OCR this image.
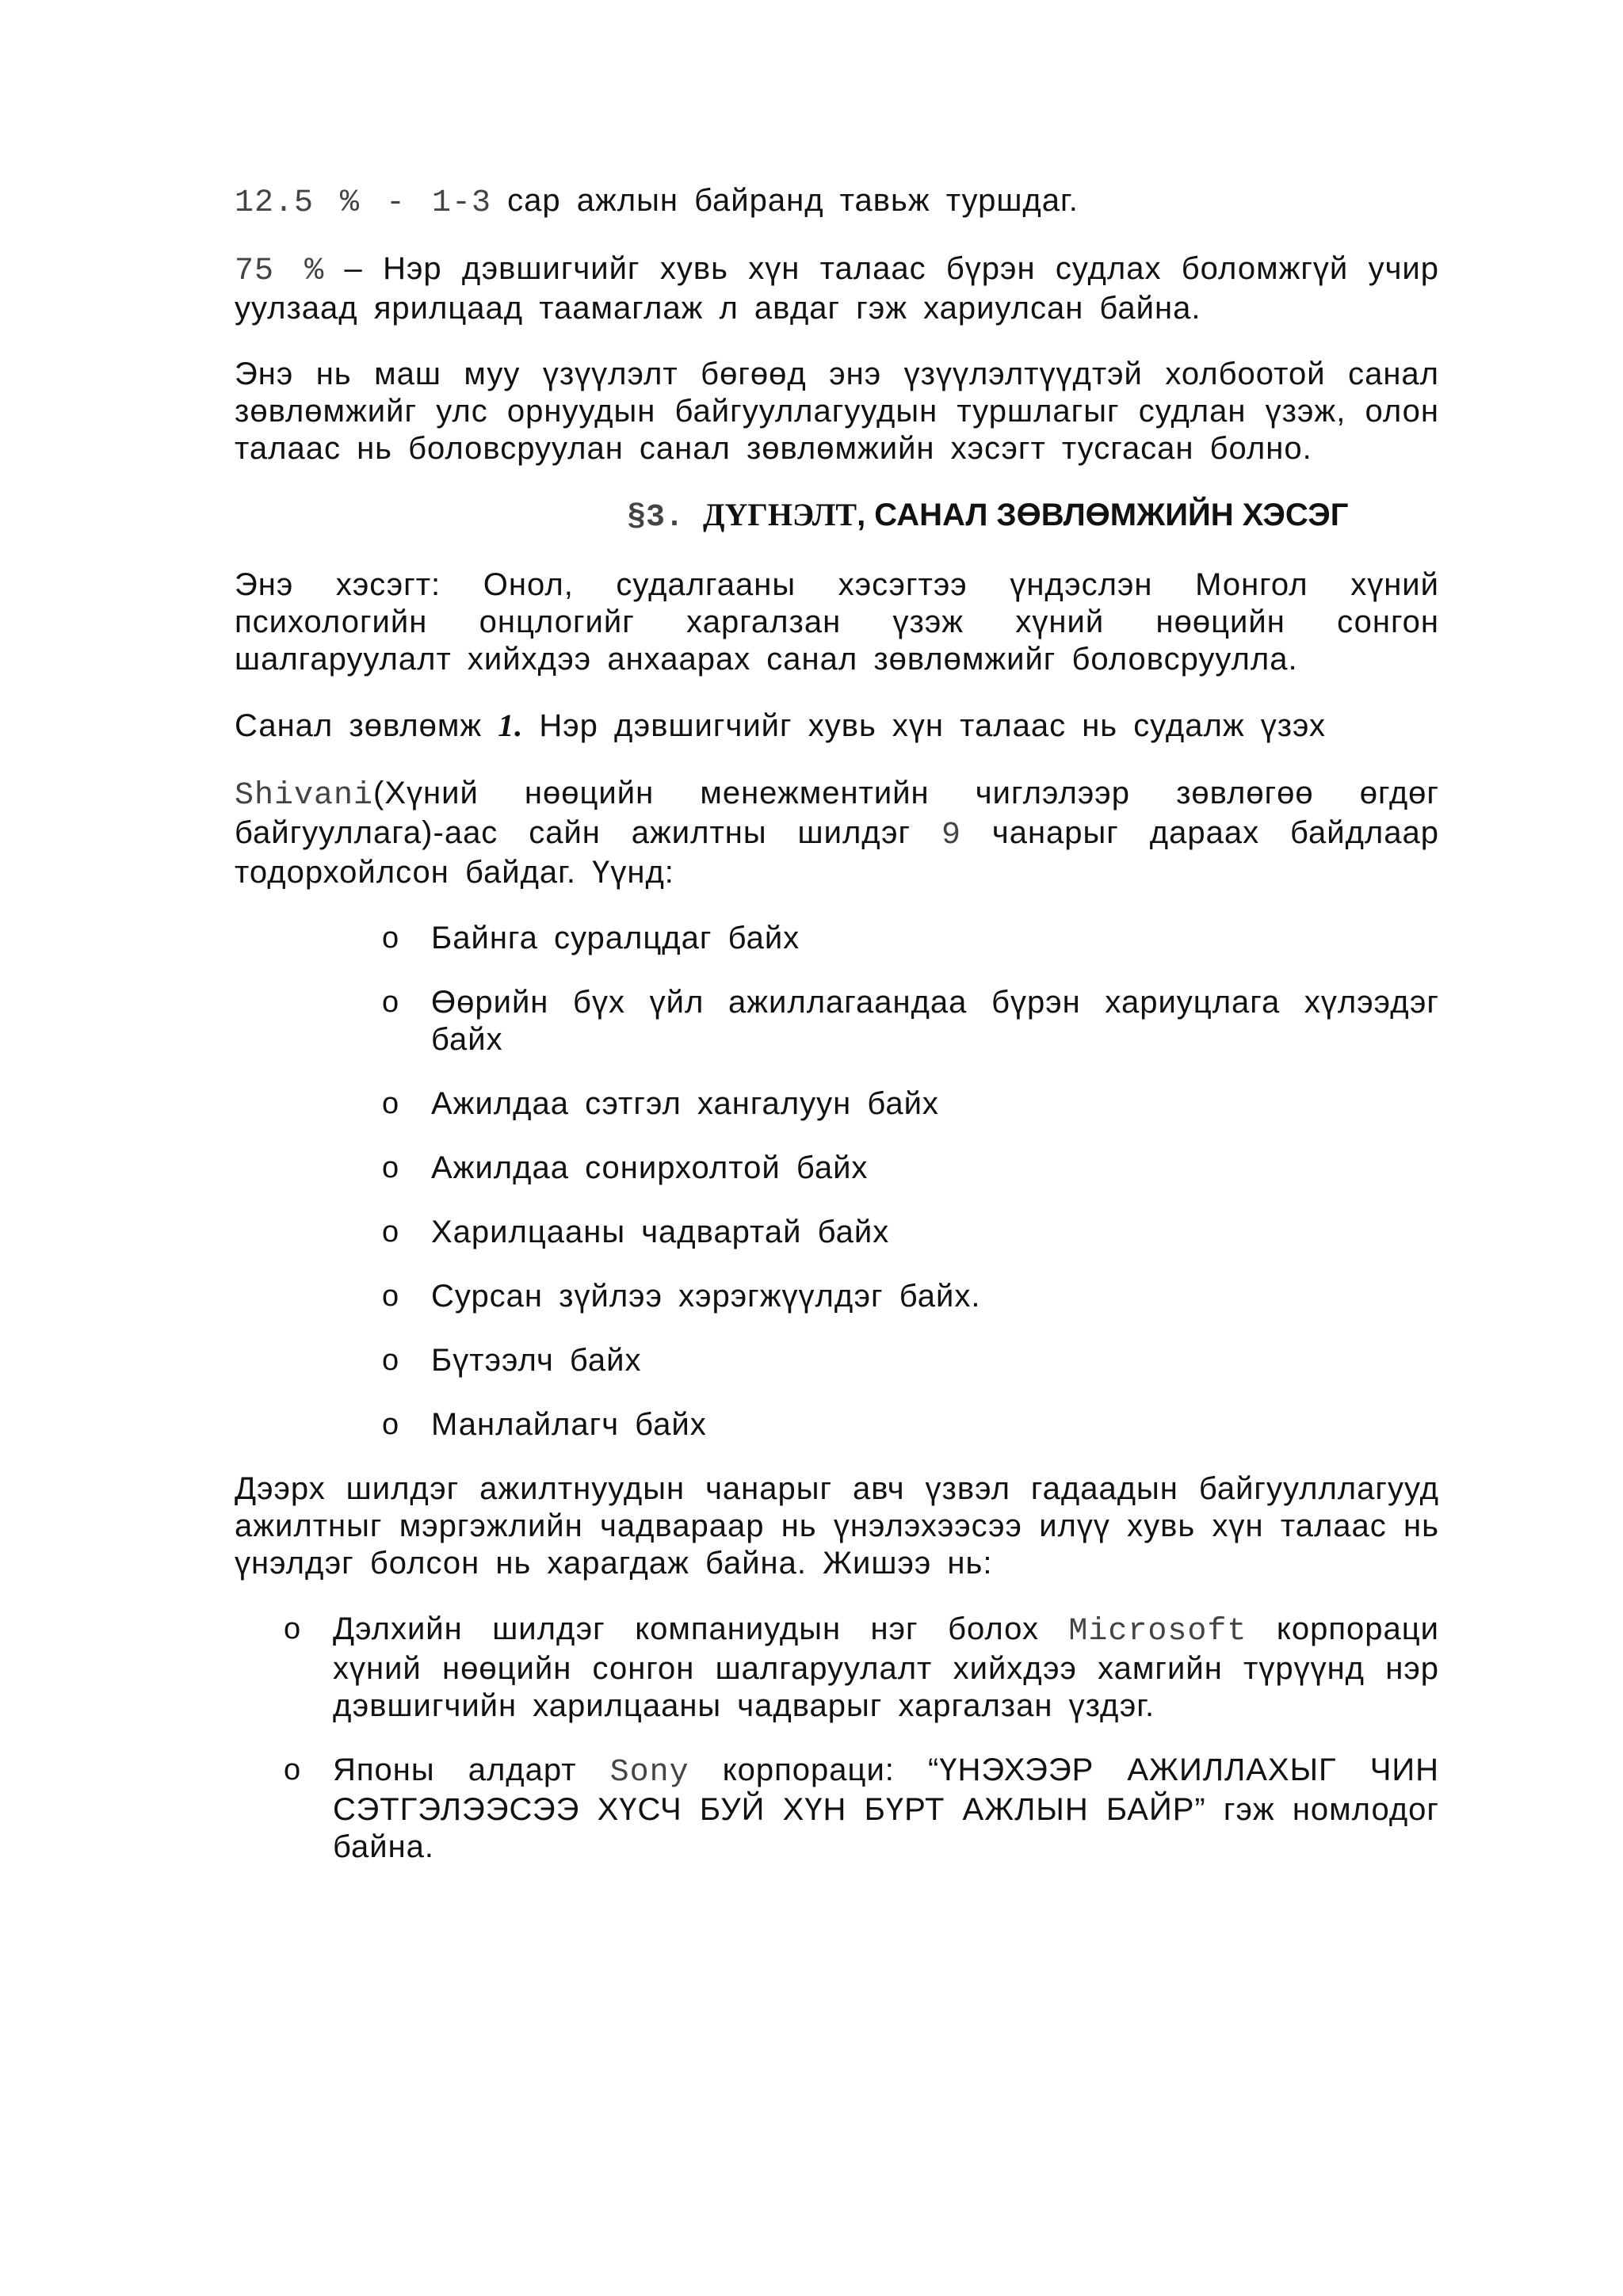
12.5 % - 1-3 сар ажлын байранд тавьж туршдаг.

75 % – Нэр дэвшигчийг хувь хүн талаас бүрэн судлах боломжгүй учир уулзаад ярилцаад таамаглаж л авдаг гэж хариулсан байна.

Энэ нь маш муу үзүүлэлт бөгөөд энэ үзүүлэлтүүдтэй холбоотой санал зөвлөмжийг улс орнуудын байгууллагуудын туршлагыг судлан үзэж, олон талаас нь боловсруулан санал зөвлөмжийн хэсэгт тусгасан болно.

§3. ДҮГНЭЛТ, САНАЛ ЗӨВЛӨМЖИЙН ХЭСЭГ

Энэ хэсэгт: Онол, судалгааны хэсэгтээ үндэслэн Монгол хүний психологийн онцлогийг харгалзан үзэж хүний нөөцийн сонгон шалгаруулалт хийхдээ анхаарах санал зөвлөмжийг боловсруулла.

Санал зөвлөмж 1. Нэр дэвшигчийг хувь хүн талаас нь судалж үзэх

Shivani(Хүний нөөцийн менежментийн чиглэлээр зөвлөгөө өгдөг байгууллага)-аас сайн ажилтны шилдэг 9 чанарыг дараах байдлаар тодорхойлсон байдаг. Үүнд:

o Байнга суралцдаг байх
o Өөрийн бүх үйл ажиллагаандаа бүрэн хариуцлага хүлээдэг байх
o Ажилдаа сэтгэл хангалуун байх
o Ажилдаа сонирхолтой байх
o Харилцааны чадвартай байх
o Сурсан зүйлээ хэрэгжүүлдэг байх.
o Бүтээлч байх
o Манлайлагч байх

Дээрх шилдэг ажилтнуудын чанарыг авч үзвэл гадаадын байгуулллагууд ажилтныг мэргэжлийн чадвараар нь үнэлэхээсээ илүү хувь хүн талаас нь үнэлдэг болсон нь харагдаж байна. Жишээ нь:

o Дэлхийн шилдэг компаниудын нэг болох Microsoft корпораци хүний нөөцийн сонгон шалгаруулалт хийхдээ хамгийн түрүүнд нэр дэвшигчийн харилцааны чадварыг харгалзан үздэг.
o Японы алдарт Sony корпораци: “ҮНЭХЭЭР АЖИЛЛАХЫГ ЧИН СЭТГЭЛЭЭСЭЭ ХҮСЧ БУЙ ХҮН БҮРТ АЖЛЫН БАЙР” гэж номлодог байна.
